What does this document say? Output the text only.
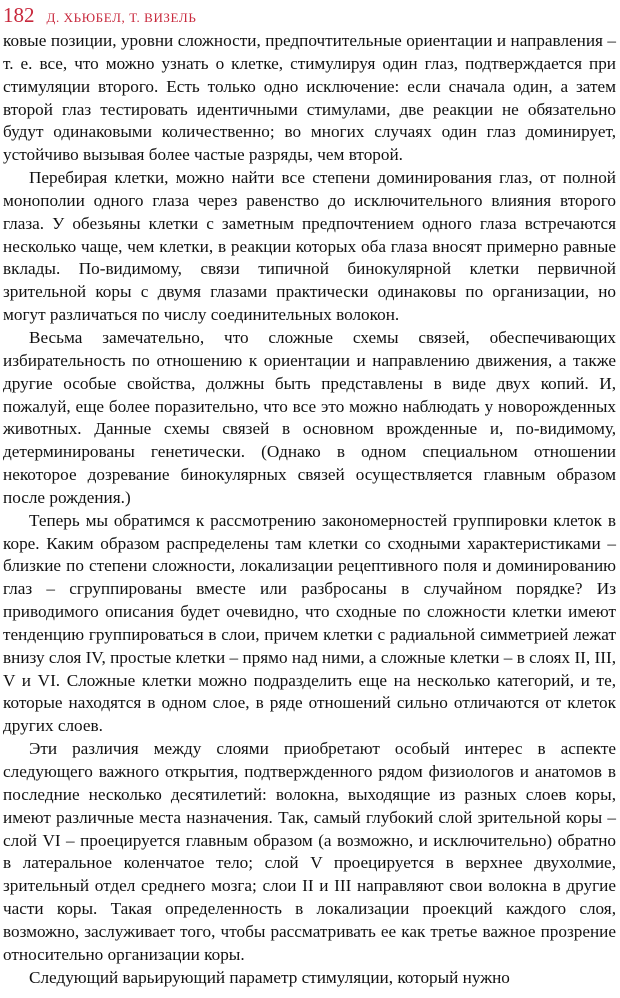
182 Д. ХЬЮБЕЛ, Т. ВИЗЕЛЬ

ковые позиции, уровни сложности, предпочтительные ориентации и направления – т. е. все, что можно узнать о клетке, стимулируя один глаз, подтверждается при стимуляции второго. Есть только одно исключение: если сначала один, а затем второй глаз тестировать идентичными стимулами, две реакции не обязательно будут одинаковыми количественно; во многих случаях один глаз доминирует, устойчиво вызывая более частые разряды, чем второй.

Перебирая клетки, можно найти все степени доминирования глаз, от полной монополии одного глаза через равенство до исключительного влияния второго глаза. У обезьяны клетки с заметным предпочтением одного глаза встречаются несколько чаще, чем клетки, в реакции которых оба глаза вносят примерно равные вклады. По-видимому, связи типичной бинокулярной клетки первичной зрительной коры с двумя глазами практически одинаковы по организации, но могут различаться по числу соединительных волокон.

Весьма замечательно, что сложные схемы связей, обеспечивающих избирательность по отношению к ориентации и направлению движения, а также другие особые свойства, должны быть представлены в виде двух копий. И, пожалуй, еще более поразительно, что все это можно наблюдать у новорожденных животных. Данные схемы связей в основном врожденные и, по-видимому, детерминированы генетически. (Однако в одном специальном отношении некоторое дозревание бинокулярных связей осуществляется главным образом после рождения.)

Теперь мы обратимся к рассмотрению закономерностей группировки клеток в коре. Каким образом распределены там клетки со сходными характеристиками – близкие по степени сложности, локализации рецептивного поля и доминированию глаз – сгруппированы вместе или разбросаны в случайном порядке? Из приводимого описания будет очевидно, что сходные по сложности клетки имеют тенденцию группироваться в слои, причем клетки с радиальной симметрией лежат внизу слоя IV, простые клетки – прямо над ними, а сложные клетки – в слоях II, III, V и VI. Сложные клетки можно подразделить еще на несколько категорий, и те, которые находятся в одном слое, в ряде отношений сильно отличаются от клеток других слоев.

Эти различия между слоями приобретают особый интерес в аспекте следующего важного открытия, подтвержденного рядом физиологов и анатомов в последние несколько десятилетий: волокна, выходящие из разных слоев коры, имеют различные места назначения. Так, самый глубокий слой зрительной коры – слой VI – проецируется главным образом (а возможно, и исключительно) обратно в латеральное коленчатое тело; слой V проецируется в верхнее двухолмие, зрительный отдел среднего мозга; слои II и III направляют свои волокна в другие части коры. Такая определенность в локализации проекций каждого слоя, возможно, заслуживает того, чтобы рассматривать ее как третье важное прозрение относительно организации коры.

Следующий варьирующий параметр стимуляции, который нужно
